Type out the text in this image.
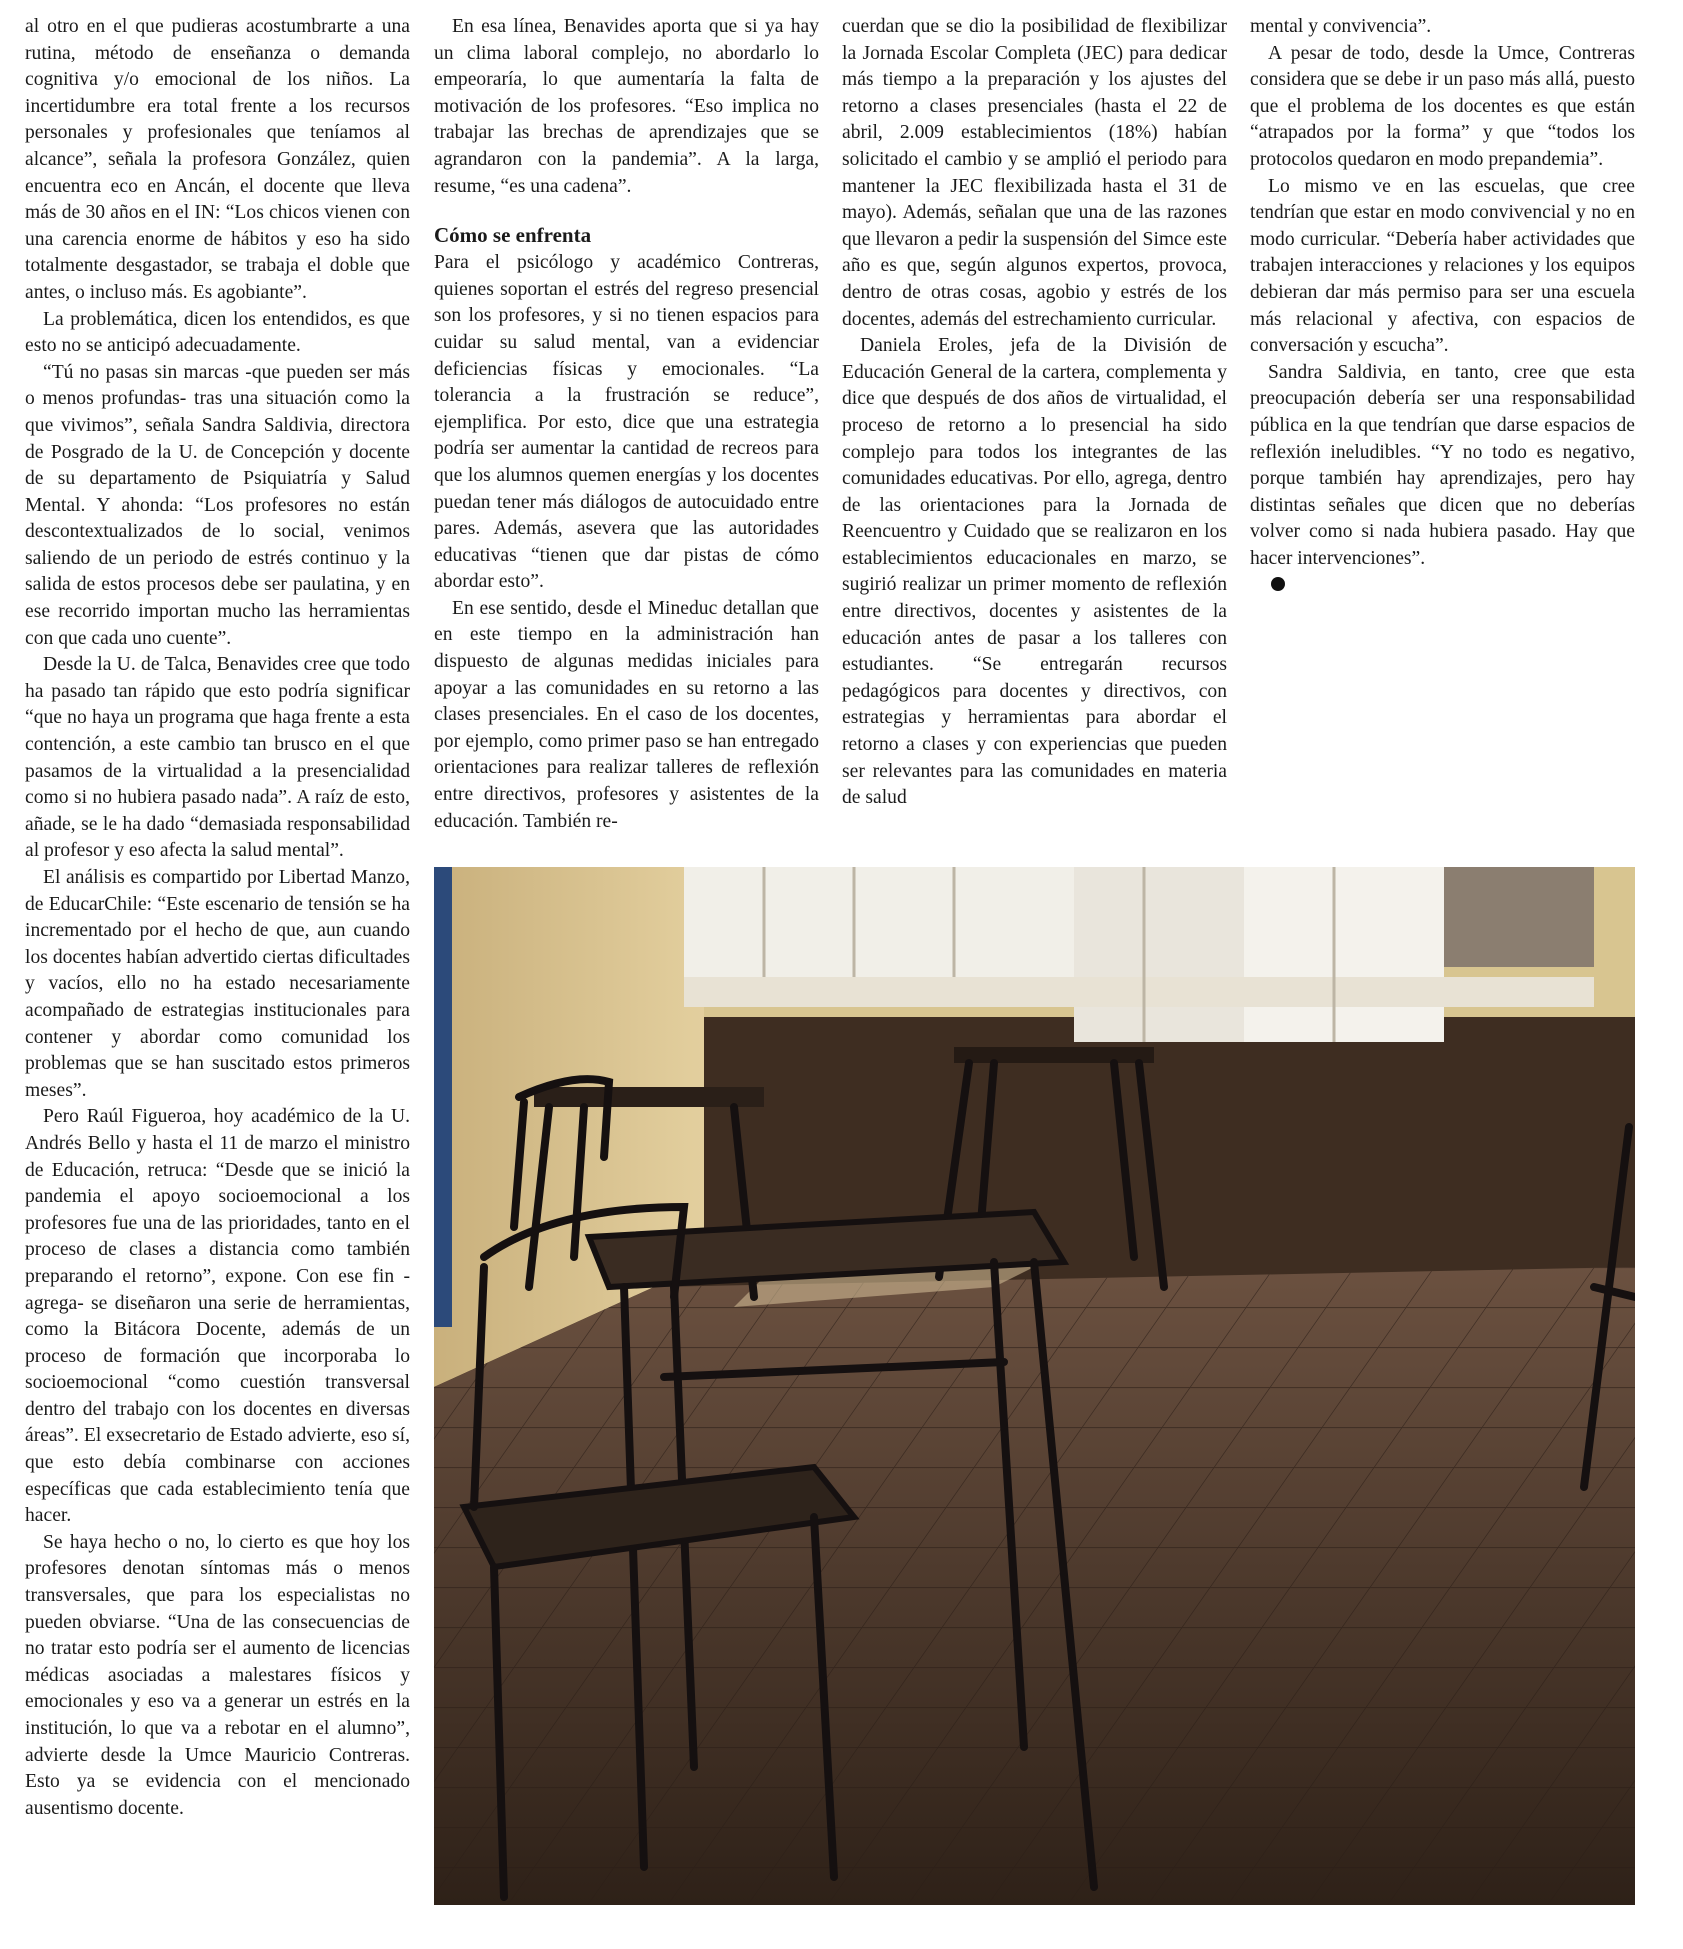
al otro en el que pudieras acostumbrarte a una rutina, método de enseñanza o demanda cognitiva y/o emocional de los niños. La incertidumbre era total frente a los recursos personales y profesionales que teníamos al alcance”, señala la profesora González, quien encuentra eco en Ancán, el docente que lleva más de 30 años en el IN: “Los chicos vienen con una carencia enorme de hábitos y eso ha sido totalmente desgastador, se trabaja el doble que antes, o incluso más. Es agobiante”.

La problemática, dicen los entendidos, es que esto no se anticipó adecuadamente.

“Tú no pasas sin marcas -que pueden ser más o menos profundas- tras una situación como la que vivimos”, señala Sandra Saldivia, directora de Posgrado de la U. de Concepción y docente de su departamento de Psiquiatría y Salud Mental. Y ahonda: “Los profesores no están descontextualizados de lo social, venimos saliendo de un periodo de estrés continuo y la salida de estos procesos debe ser paulatina, y en ese recorrido importan mucho las herramientas con que cada uno cuente”.

Desde la U. de Talca, Benavides cree que todo ha pasado tan rápido que esto podría significar “que no haya un programa que haga frente a esta contención, a este cambio tan brusco en el que pasamos de la virtualidad a la presencialidad como si no hubiera pasado nada”. A raíz de esto, añade, se le ha dado “demasiada responsabilidad al profesor y eso afecta la salud mental”.

El análisis es compartido por Libertad Manzo, de EducarChile: “Este escenario de tensión se ha incrementado por el hecho de que, aun cuando los docentes habían advertido ciertas dificultades y vacíos, ello no ha estado necesariamente acompañado de estrategias institucionales para contener y abordar como comunidad los problemas que se han suscitado estos primeros meses”.

Pero Raúl Figueroa, hoy académico de la U. Andrés Bello y hasta el 11 de marzo el ministro de Educación, retruca: “Desde que se inició la pandemia el apoyo socioemocional a los profesores fue una de las prioridades, tanto en el proceso de clases a distancia como también preparando el retorno”, expone. Con ese fin -agrega- se diseñaron una serie de herramientas, como la Bitácora Docente, además de un proceso de formación que incorporaba lo socioemocional “como cuestión transversal dentro del trabajo con los docentes en diversas áreas”. El exsecretario de Estado advierte, eso sí, que esto debía combinarse con acciones específicas que cada establecimiento tenía que hacer.

Se haya hecho o no, lo cierto es que hoy los profesores denotan síntomas más o menos transversales, que para los especialistas no pueden obviarse. “Una de las consecuencias de no tratar esto podría ser el aumento de licencias médicas asociadas a malestares físicos y emocionales y eso va a generar un estrés en la institución, lo que va a rebotar en el alumno”, advierte desde la Umce Mauricio Contreras. Esto ya se evidencia con el mencionado ausentismo docente.

En esa línea, Benavides aporta que si ya hay un clima laboral complejo, no abordarlo lo empeoraría, lo que aumentaría la falta de motivación de los profesores. “Eso implica no trabajar las brechas de aprendizajes que se agrandaron con la pandemia”. A la larga, resume, “es una cadena”.

Cómo se enfrenta

Para el psicólogo y académico Contreras, quienes soportan el estrés del regreso presencial son los profesores, y si no tienen espacios para cuidar su salud mental, van a evidenciar deficiencias físicas y emocionales. “La tolerancia a la frustración se reduce”, ejemplifica. Por esto, dice que una estrategia podría ser aumentar la cantidad de recreos para que los alumnos quemen energías y los docentes puedan tener más diálogos de autocuidado entre pares. Además, asevera que las autoridades educativas “tienen que dar pistas de cómo abordar esto”.

En ese sentido, desde el Mineduc detallan que en este tiempo en la administración han dispuesto de algunas medidas iniciales para apoyar a las comunidades en su retorno a las clases presenciales. En el caso de los docentes, por ejemplo, como primer paso se han entregado orientaciones para realizar talleres de reflexión entre directivos, profesores y asistentes de la educación. También re-

cuerdan que se dio la posibilidad de flexibilizar la Jornada Escolar Completa (JEC) para dedicar más tiempo a la preparación y los ajustes del retorno a clases presenciales (hasta el 22 de abril, 2.009 establecimientos (18%) habían solicitado el cambio y se amplió el periodo para mantener la JEC flexibilizada hasta el 31 de mayo). Además, señalan que una de las razones que llevaron a pedir la suspensión del Simce este año es que, según algunos expertos, provoca, dentro de otras cosas, agobio y estrés de los docentes, además del estrechamiento curricular.

Daniela Eroles, jefa de la División de Educación General de la cartera, complementa y dice que después de dos años de virtualidad, el proceso de retorno a lo presencial ha sido complejo para todos los integrantes de las comunidades educativas. Por ello, agrega, dentro de las orientaciones para la Jornada de Reencuentro y Cuidado que se realizaron en los establecimientos educacionales en marzo, se sugirió realizar un primer momento de reflexión entre directivos, docentes y asistentes de la educación antes de pasar a los talleres con estudiantes. “Se entregarán recursos pedagógicos para docentes y directivos, con estrategias y herramientas para abordar el retorno a clases y con experiencias que pueden ser relevantes para las comunidades en materia de salud

mental y convivencia”.

A pesar de todo, desde la Umce, Contreras considera que se debe ir un paso más allá, puesto que el problema de los docentes es que están “atrapados por la forma” y que “todos los protocolos quedaron en modo prepandemia”.

Lo mismo ve en las escuelas, que cree tendrían que estar en modo convivencial y no en modo curricular. “Debería haber actividades que trabajen interacciones y relaciones y los equipos debieran dar más permiso para ser una escuela más relacional y afectiva, con espacios de conversación y escucha”.

Sandra Saldivia, en tanto, cree que esta preocupación debería ser una responsabilidad pública en la que tendrían que darse espacios de reflexión ineludibles. “Y no todo es negativo, porque también hay aprendizajes, pero hay distintas señales que dicen que no deberías volver como si nada hubiera pasado. Hay que hacer intervenciones”.
